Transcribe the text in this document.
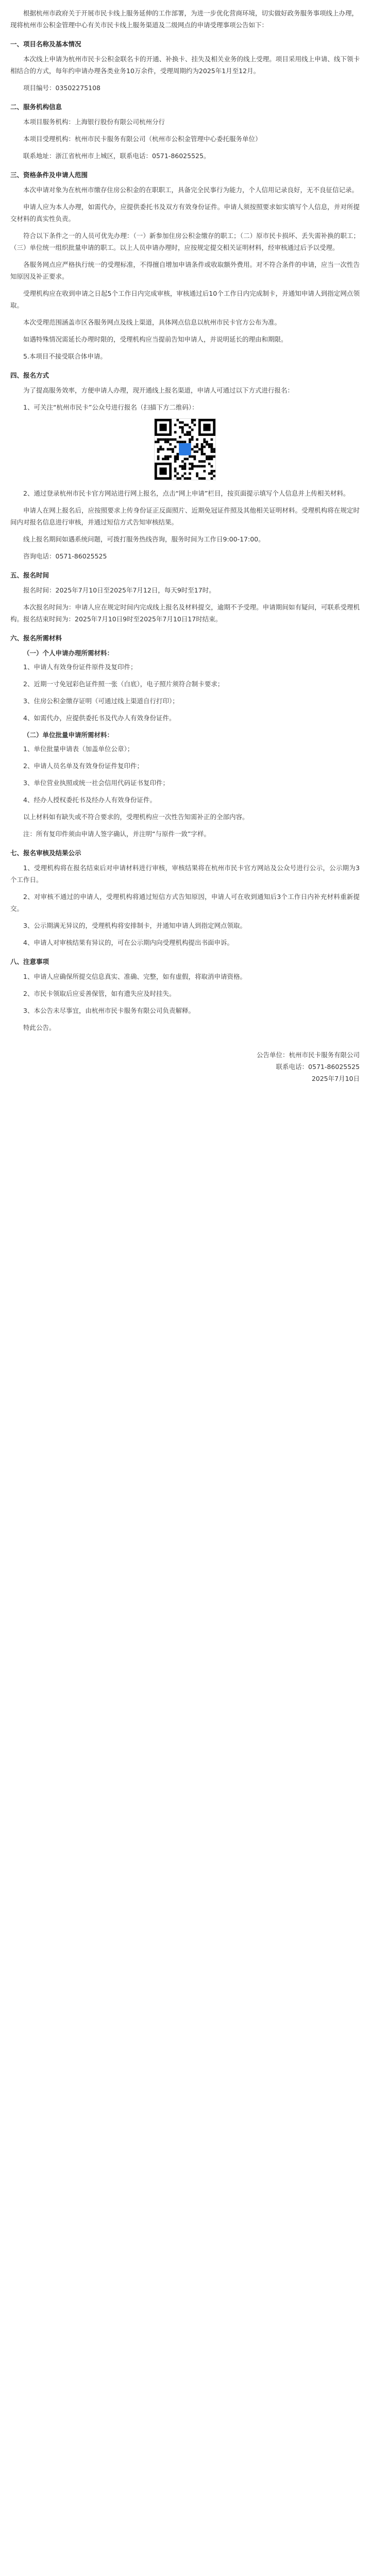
根据杭州市政府关于开展市民卡线上服务延伸的工作部署，为进一步优化营商环境，切实做好政务服务事项线上办理，现将杭州市公积金管理中心有关市民卡线上服务渠道及二级网点的申请受理事项公告如下：
一、项目名称及基本情况
本次线上申请为杭州市民卡公积金联名卡的开通、补换卡、挂失及相关业务的线上受理。项目采用线上申请、线下领卡相结合的方式，每年约申请办理各类业务10万余件，受理周期约为2025年1月至12月。
项目编号：03502275108
二、服务机构信息
本项目服务机构：上海银行股份有限公司杭州分行
本项目受理机构：杭州市民卡服务有限公司（杭州市公积金管理中心委托服务单位）
联系地址：浙江省杭州市上城区，联系电话：0571-86025525。
三、资格条件及申请人范围
本次申请对象为在杭州市缴存住房公积金的在职职工，具备完全民事行为能力，个人信用记录良好，无不良征信记录。
申请人应为本人办理，如需代办，应提供委托书及双方有效身份证件。申请人须按照要求如实填写个人信息，并对所提交材料的真实性负责。
符合以下条件之一的人员可优先办理：（一）新参加住房公积金缴存的职工；（二）原市民卡损坏、丢失需补换的职工；（三）单位统一组织批量申请的职工。以上人员申请办理时，应按规定提交相关证明材料，经审核通过后予以受理。
各服务网点应严格执行统一的受理标准，不得擅自增加申请条件或收取额外费用。对不符合条件的申请，应当一次性告知原因及补正要求。
受理机构应在收到申请之日起5个工作日内完成审核，审核通过后10个工作日内完成制卡，并通知申请人到指定网点领取。
本次受理范围涵盖市区各服务网点及线上渠道，具体网点信息以杭州市民卡官方公布为准。
如遇特殊情况需延长办理时限的，受理机构应当提前告知申请人，并说明延长的理由和期限。
5.本项目不接受联合体申请。
四、报名方式
为了提高服务效率，方便申请人办理，现开通线上报名渠道，申请人可通过以下方式进行报名：
1、可关注“杭州市民卡”公众号进行报名（扫描下方二维码）：
2、通过登录杭州市民卡官方网站进行网上报名，点击“网上申请”栏目，按页面提示填写个人信息并上传相关材料。
申请人在网上报名后，应按照要求上传身份证正反面照片、近期免冠证件照及其他相关证明材料。受理机构将在规定时间内对报名信息进行审核，并通过短信方式告知审核结果。
线上报名期间如遇系统问题，可拨打服务热线咨询，服务时间为工作日9:00-17:00。
咨询电话：0571-86025525
五、报名时间
报名时间：2025年7月10日至2025年7月12日，每天9时至17时。
本次报名时间为：申请人应在规定时间内完成线上报名及材料提交，逾期不予受理。申请期间如有疑问，可联系受理机构。报名结束时间为：2025年7月10日9时至2025年7月10日17时结束。
六、报名所需材料
（一）个人申请办理所需材料：
1、申请人有效身份证件原件及复印件；
2、近期一寸免冠彩色证件照一张（白底），电子照片须符合制卡要求；
3、住房公积金缴存证明（可通过线上渠道自行打印）；
4、如需代办，应提供委托书及代办人有效身份证件。
（二）单位批量申请所需材料：
1、单位批量申请表（加盖单位公章）；
2、申请人员名单及有效身份证件复印件；
3、单位营业执照或统一社会信用代码证书复印件；
4、经办人授权委托书及经办人有效身份证件。
以上材料如有缺失或不符合要求的，受理机构应一次性告知需补正的全部内容。
注：所有复印件须由申请人签字确认，并注明“与原件一致”字样。
七、报名审核及结果公示
1、受理机构将在报名结束后对申请材料进行审核，审核结果将在杭州市民卡官方网站及公众号进行公示，公示期为3个工作日。
2、对审核不通过的申请人，受理机构将通过短信方式告知原因，申请人可在收到通知后3个工作日内补充材料重新提交。
3、公示期满无异议的，受理机构将安排制卡，并通知申请人到指定网点领取。
4、申请人对审核结果有异议的，可在公示期内向受理机构提出书面申诉。
八、注意事项
1、申请人应确保所提交信息真实、准确、完整，如有虚假，将取消申请资格。
2、市民卡领取后应妥善保管，如有遗失应及时挂失。
3、本公告未尽事宜，由杭州市民卡服务有限公司负责解释。
特此公告。
公告单位：杭州市民卡服务有限公司
联系电话：0571-86025525
2025年7月10日
